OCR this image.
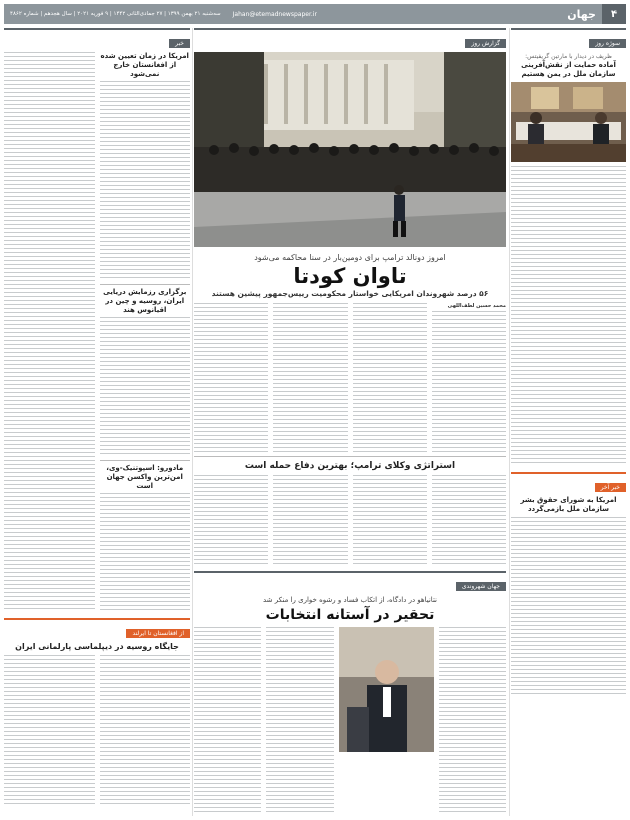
۴
جهان
Jahan@etemadnewspaper.ir
سه‌شنبه ۲۱ بهمن ۱۳۹۹ | ۲۷ جمادی‌الثانی ۱۴۴۲ | ۹ فوریه ۲۰۲۱ | سال هجدهم | شماره ۴۸۶۲
سوژه روز
ظریف در دیدار با مارتین گریفیتس:
آماده حمایت از نقش‌آفرینی سازمان ملل در یمن هستیم
خبر آخر
امریکا به شورای حقوق بشر سازمان ملل بازمی‌گردد
گزارش روز
امروز دونالد ترامپ برای دومین‌بار در سنا محاکمه می‌شود
تاوان کودتا
۵۶ درصد شهروندان امریکایی خواستار محکومیت رییس‌جمهور پیشین هستند
محمد حسین لطف‌اللهی
استراتژی وکلای ترامپ؛ بهترین دفاع حمله است
جهان شهروندی
نتانیاهو در دادگاه، از اتکاب فساد و رشوه خواری را منکر شد
تحقیر در آستانه انتخابات
خبر
امریکا در زمان تعیین شده از افغانستان خارج نمی‌شود
برگزاری رزمایش دریایی ایران، روسیه و چین در اقیانوس هند
مادورو: اسپوتنیک-وی، امن‌ترین واکسن جهان است
از افغانستان تا ایرلند
جایگاه روسیه در دیپلماسی پارلمانی ایران
